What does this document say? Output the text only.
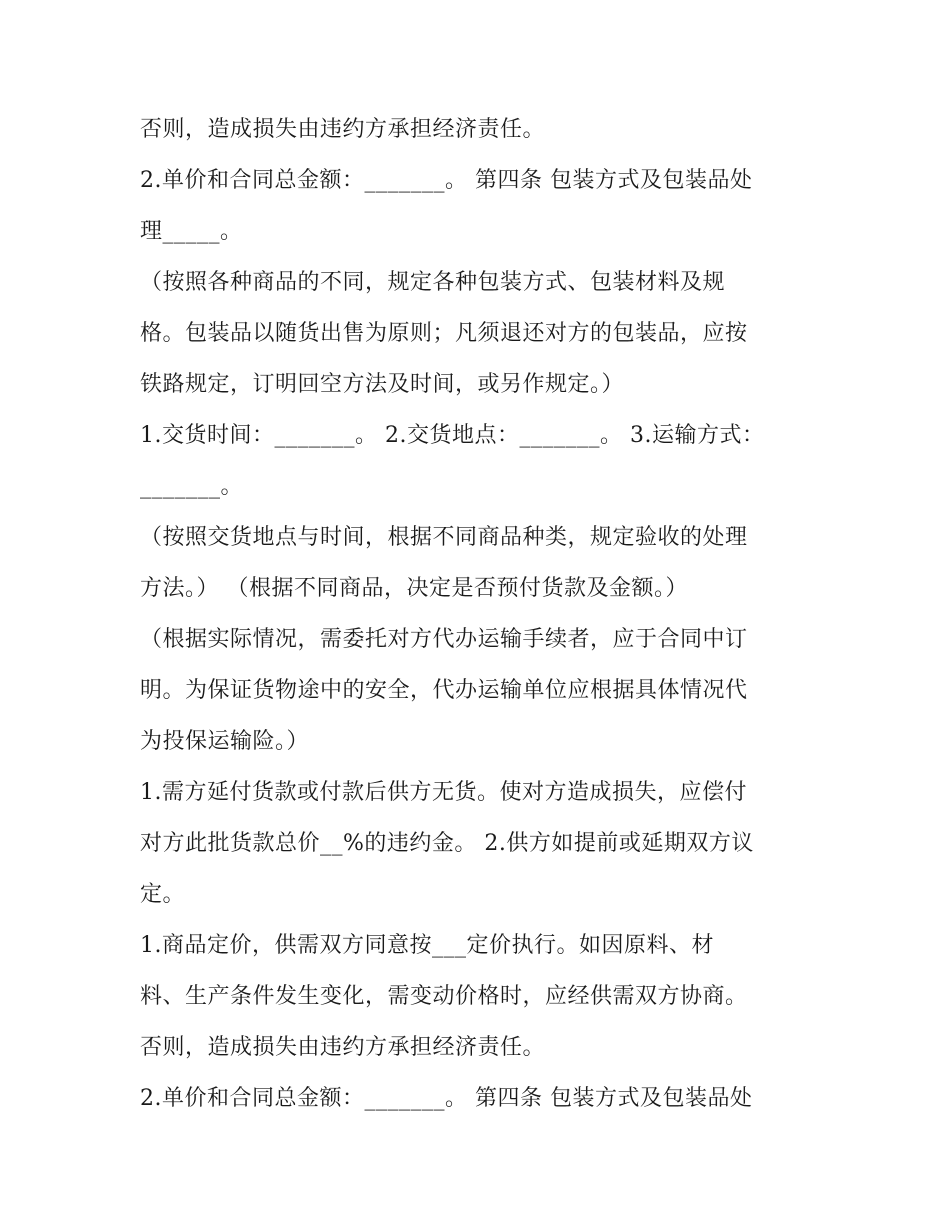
否则，造成损失由违约方承担经济责任。
2.单价和合同总金额：_______。 第四条 包装方式及包装品处
理_____。
（按照各种商品的不同，规定各种包装方式、包装材料及规
格。包装品以随货出售为原则；凡须退还对方的包装品，应按
铁路规定，订明回空方法及时间，或另作规定。）
1.交货时间：_______。 2.交货地点：_______。 3.运输方式：
_______。
（按照交货地点与时间，根据不同商品种类，规定验收的处理
方法。） （根据不同商品，决定是否预付货款及金额。）
（根据实际情况，需委托对方代办运输手续者，应于合同中订
明。为保证货物途中的安全，代办运输单位应根据具体情况代
为投保运输险。）
1.需方延付货款或付款后供方无货。使对方造成损失，应偿付
对方此批货款总价__%的违约金。 2.供方如提前或延期双方议
定。
1.商品定价，供需双方同意按___定价执行。如因原料、材
料、生产条件发生变化，需变动价格时，应经供需双方协商。
否则，造成损失由违约方承担经济责任。
2.单价和合同总金额：_______。 第四条 包装方式及包装品处
